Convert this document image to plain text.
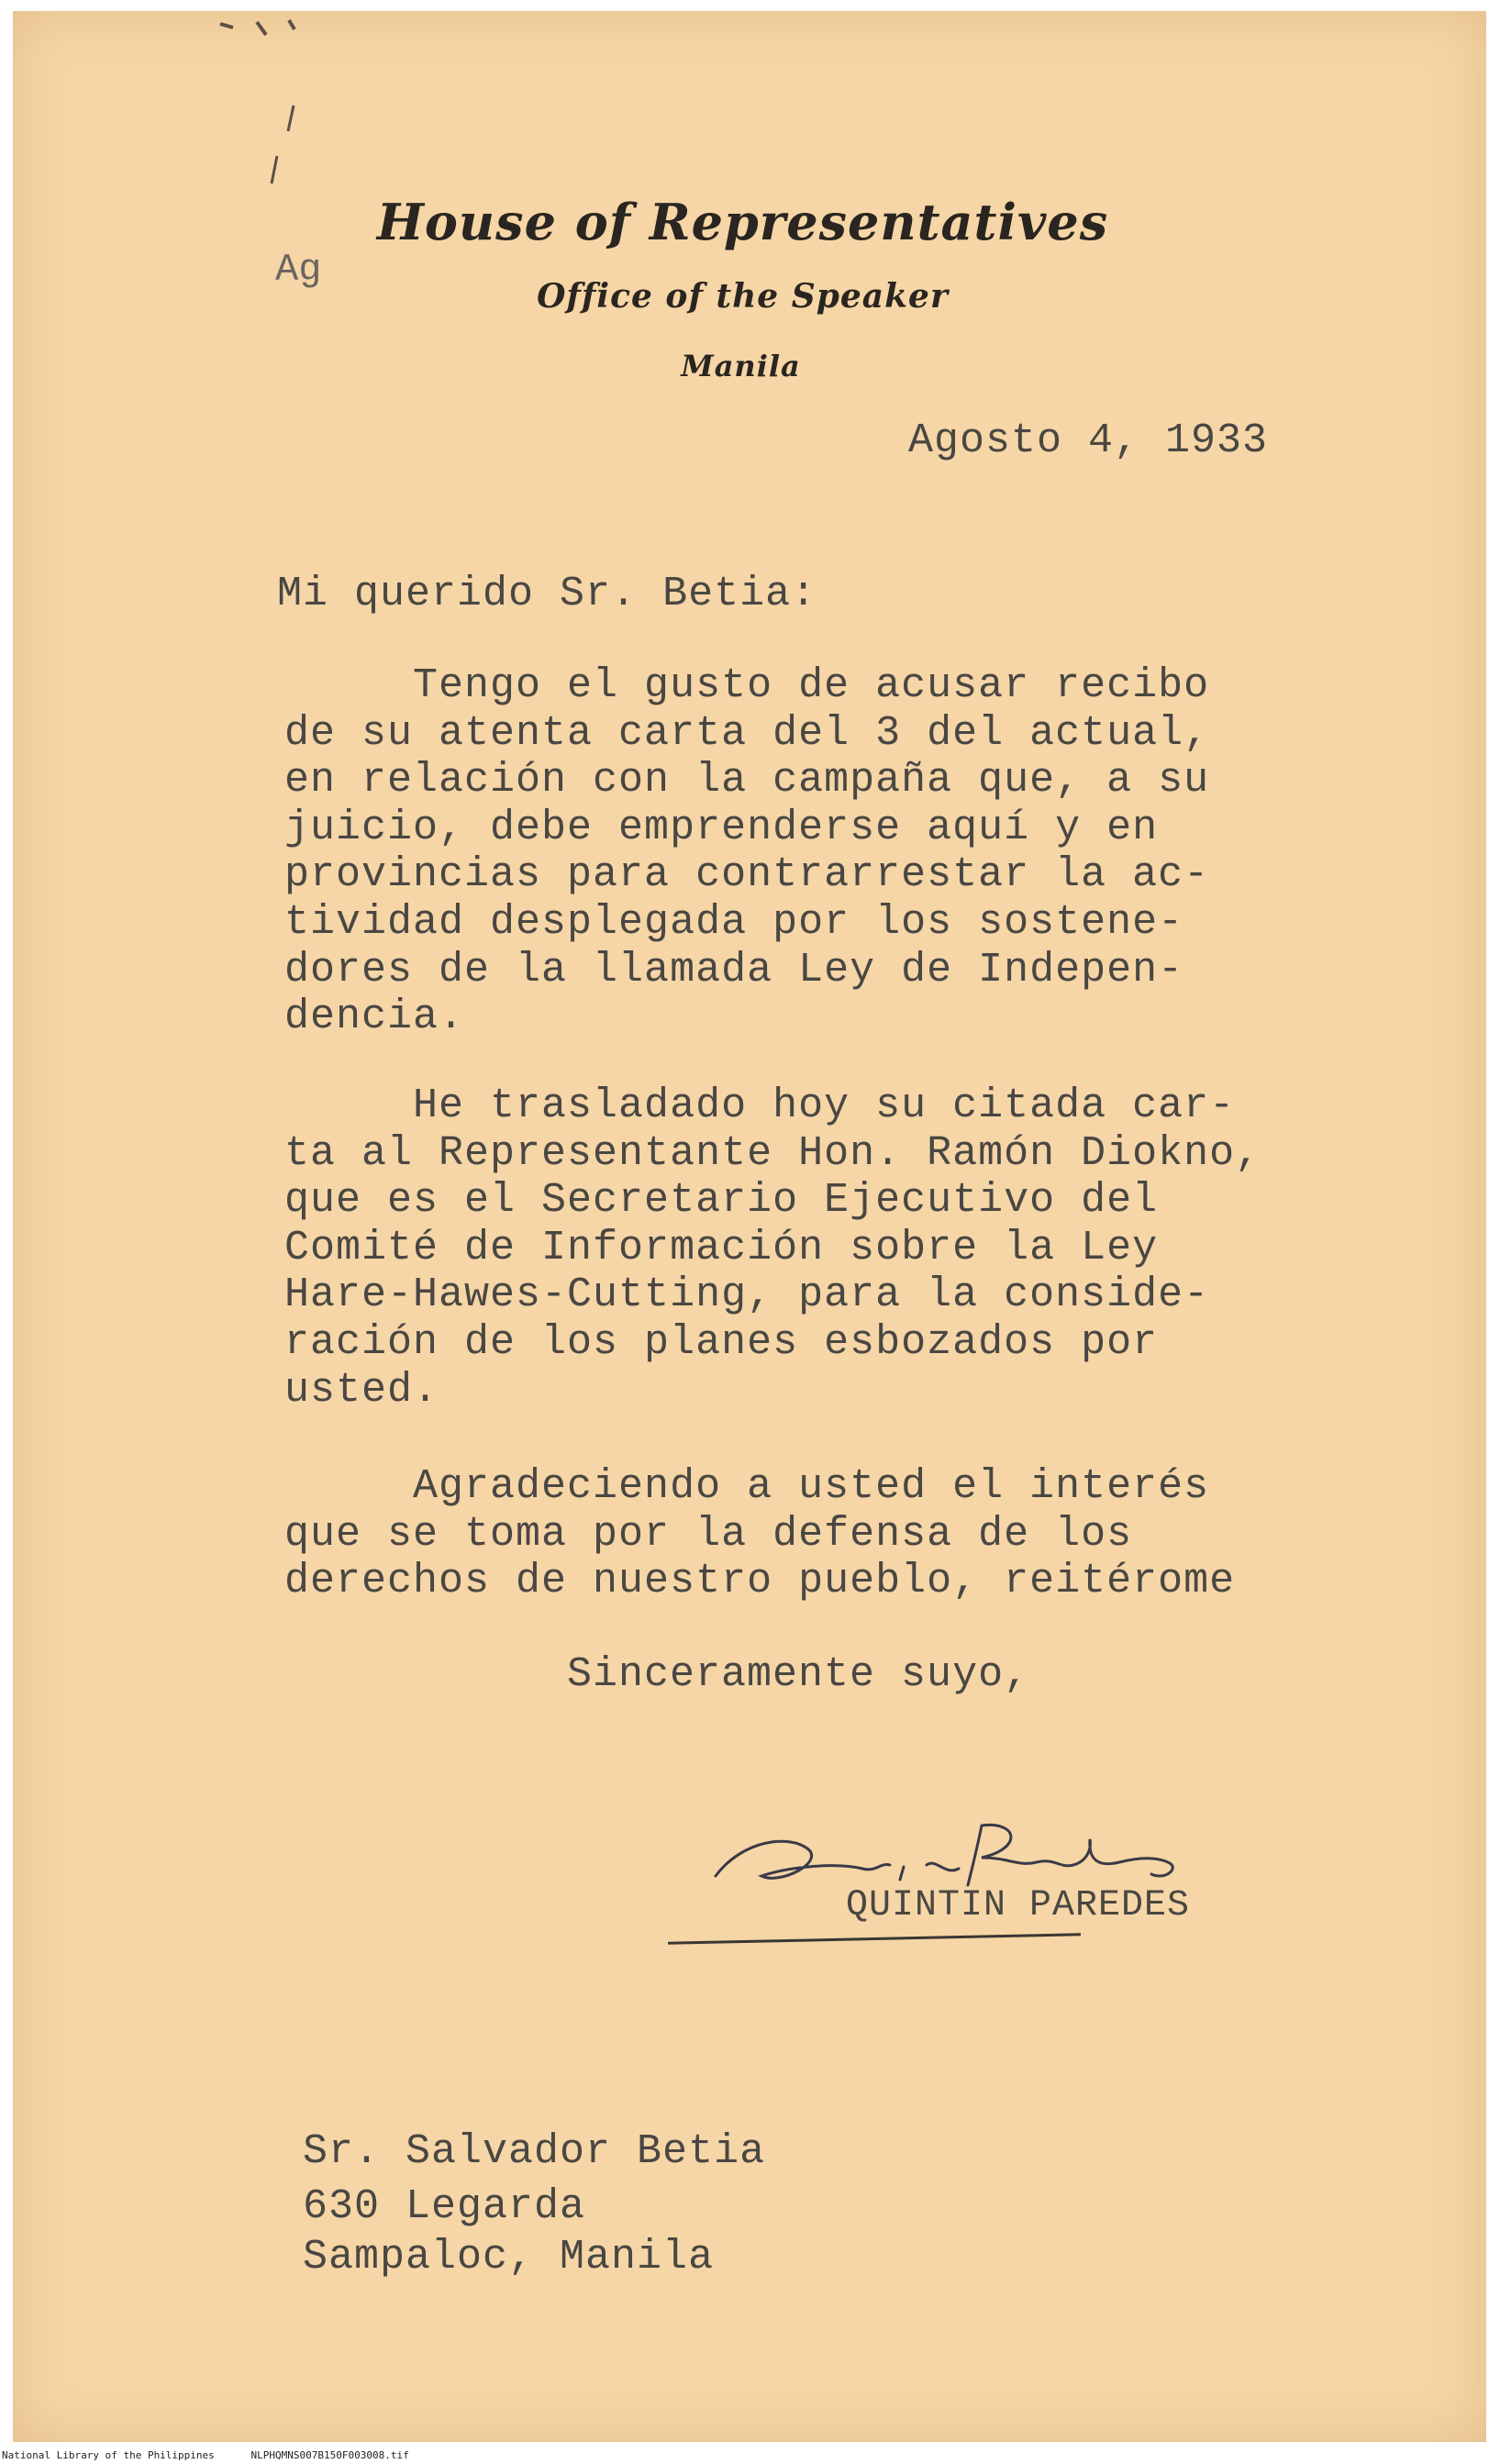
House of Representatives
Office of the Speaker
Manila
Ag
Agosto 4, 1933
Mi querido Sr. Betia:
Tengo el gusto de acusar recibo
de su atenta carta del 3 del actual,
en relación con la campaña que, a su
juicio, debe emprenderse aquí y en
provincias para contrarrestar la ac-
tividad desplegada por los sostene-
dores de la llamada Ley de Indepen-
dencia.
He trasladado hoy su citada car-
ta al Representante Hon. Ramón Diokno,
que es el Secretario Ejecutivo del
Comité de Información sobre la Ley
Hare-Hawes-Cutting, para la conside-
ración de los planes esbozados por
usted.
Agradeciendo a usted el interés
que se toma por la defensa de los
derechos de nuestro pueblo, reitérome
Sinceramente suyo,
QUINTIN PAREDES
Sr. Salvador Betia
630 Legarda
Sampaloc, Manila
National Library of the Philippines      NLPHQMNS007B150F003008.tif
